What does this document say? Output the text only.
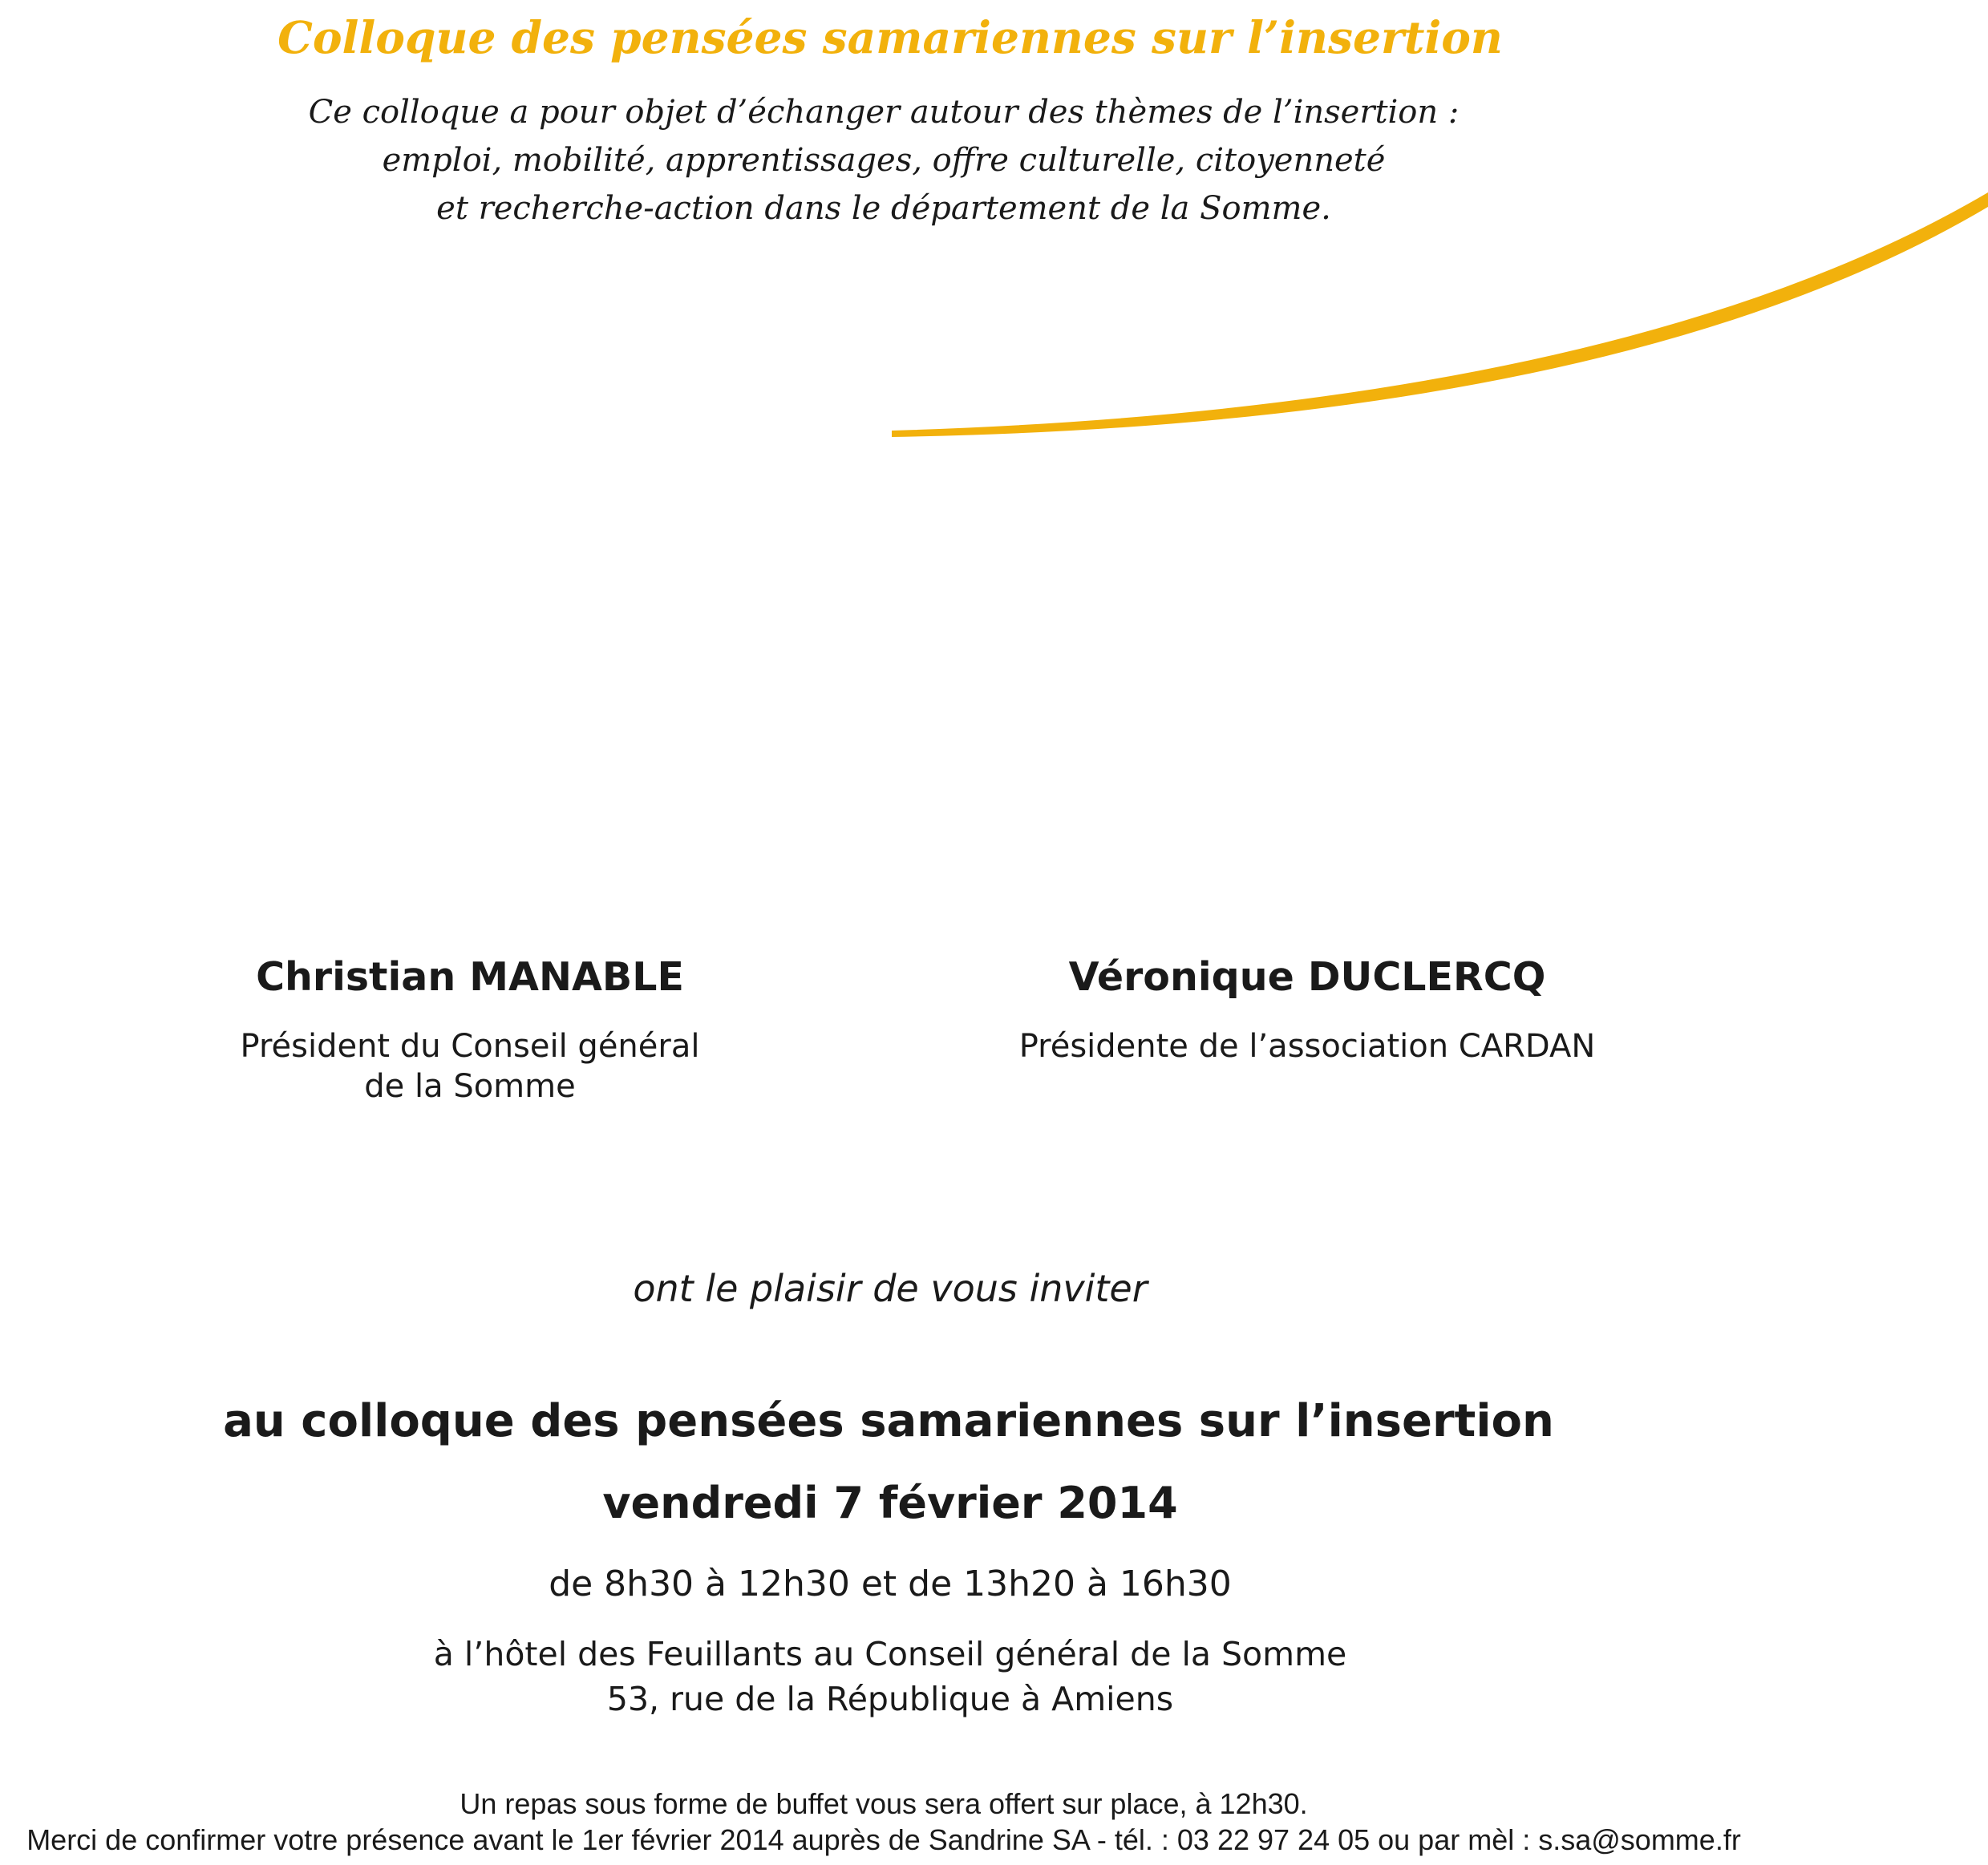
Colloque des pensées samariennes sur l’insertion
Ce colloque a pour objet d’échanger autour des thèmes de l’insertion :
emploi, mobilité, apprentissages, offre culturelle, citoyenneté
et recherche-action dans le département de la Somme.
Christian MANABLE
Président du Conseil général
de la Somme
Véronique DUCLERCQ
Présidente de l’association CARDAN
ont le plaisir de vous inviter
au colloque des pensées samariennes sur l’insertion
vendredi 7 février 2014
de 8h30 à 12h30 et de 13h20 à 16h30
à l’hôtel des Feuillants au Conseil général de la Somme
53, rue de la République à Amiens
Un repas sous forme de buffet vous sera offert sur place, à 12h30.
Merci de confirmer votre présence avant le 1er février 2014 auprès de Sandrine SA - tél. : 03 22 97 24 05 ou par mèl : s.sa@somme.fr
